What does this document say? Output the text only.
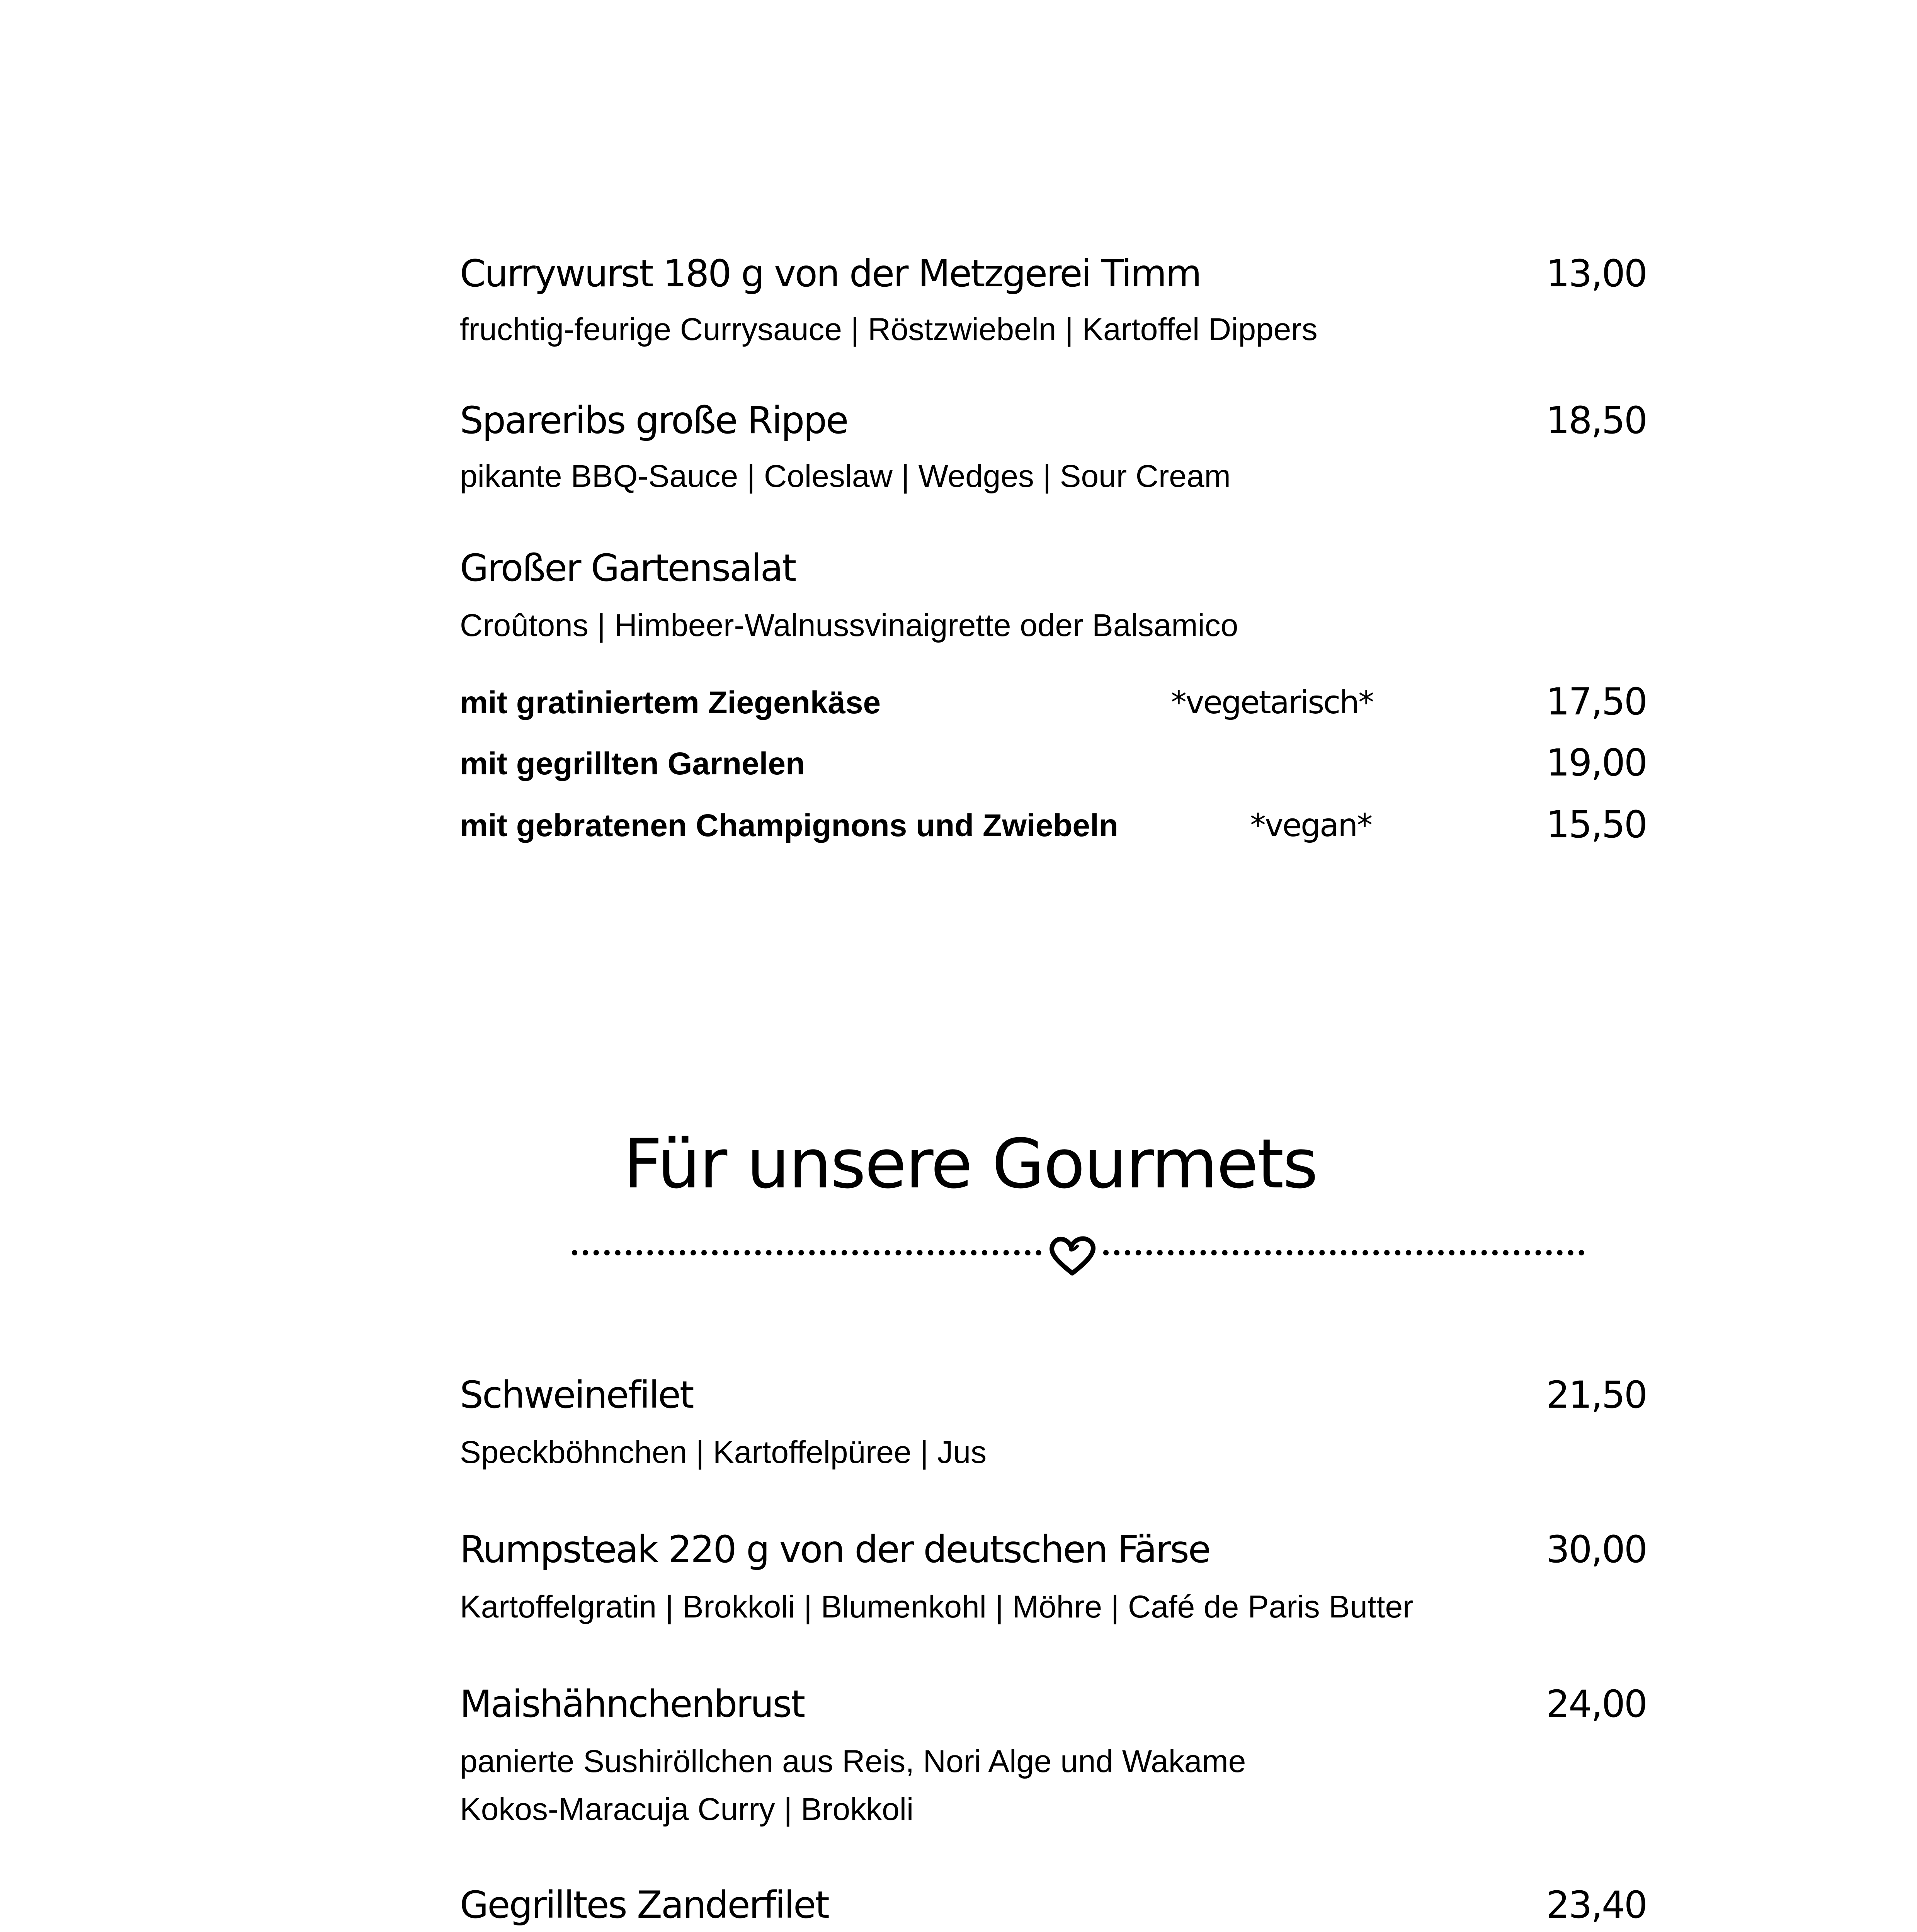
Currywurst 180 g von der Metzgerei Timm	13,00
fruchtig-feurige Currysauce | Röstzwiebeln | Kartoffel Dippers
Spareribs große Rippe	18,50
pikante BBQ-Sauce | Coleslaw | Wedges | Sour Cream
Großer Gartensalat
Croûtons | Himbeer-Walnussvinaigrette oder Balsamico
mit gratiniertem Ziegenkäse	*vegetarisch*	17,50
mit gegrillten Garnelen	19,00
mit gebratenen Champignons und Zwiebeln	*vegan*	15,50
Für unsere Gourmets
Schweinefilet	21,50
Speckböhnchen | Kartoffelpüree | Jus
Rumpsteak 220 g von der deutschen Färse	30,00
Kartoffelgratin | Brokkoli | Blumenkohl | Möhre | Café de Paris Butter
Maishähnchenbrust	24,00
panierte Sushiröllchen aus Reis, Nori Alge und Wakame
Kokos-Maracuja Curry | Brokkoli
Gegrilltes Zanderfilet	23,40
